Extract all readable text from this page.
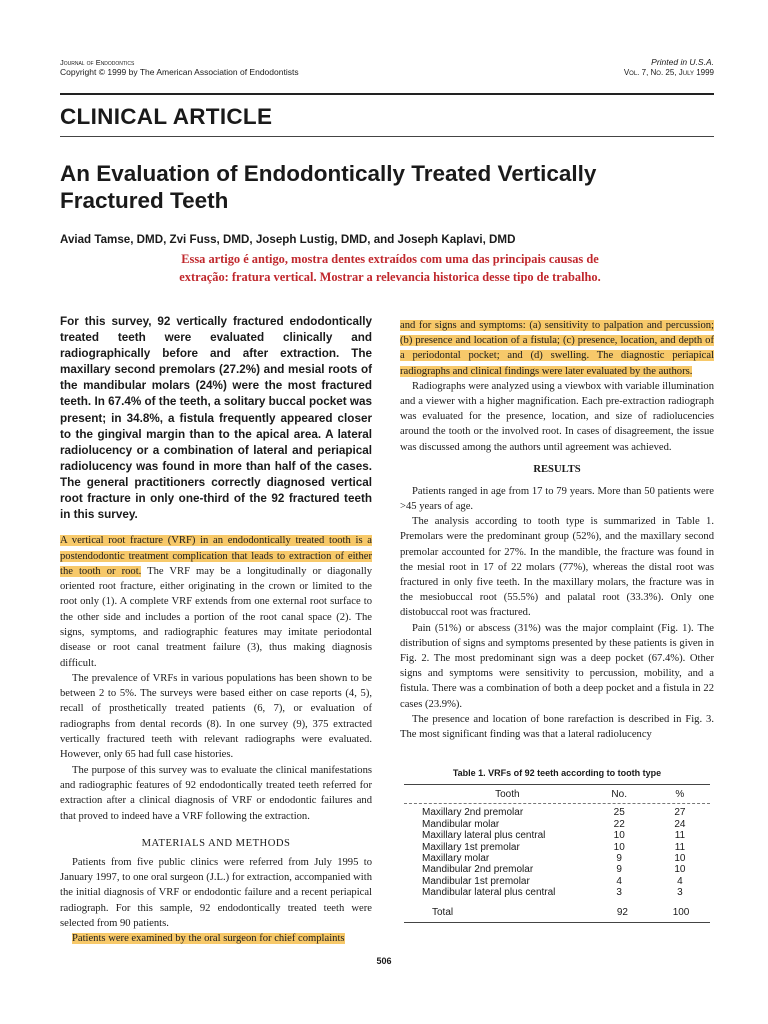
Journal of Endodontics
Copyright © 1999 by The American Association of Endodontists
Printed in U.S.A.
Vol. 7, No. 25, July 1999
CLINICAL ARTICLE
An Evaluation of Endodontically Treated Vertically
Fractured Teeth
Aviad Tamse, DMD, Zvi Fuss, DMD, Joseph Lustig, DMD, and Joseph Kaplavi, DMD
Essa artigo é antigo, mostra dentes extraídos com uma das principais causas de
extração: fratura vertical. Mostrar a relevancia historica desse tipo de trabalho.

For this survey, 92 vertically fractured endodontically treated teeth were evaluated clinically and radiographically before and after extraction. The maxillary second premolars (27.2%) and mesial roots of the mandibular molars (24%) were the most fractured teeth. In 67.4% of the teeth, a solitary buccal pocket was present; in 34.8%, a fistula frequently appeared closer to the gingival margin than to the apical area. A lateral radiolucency or a combination of lateral and periapical radiolucency was found in more than half of the cases. The general practitioners correctly diagnosed vertical root fracture in only one-third of the 92 fractured teeth in this survey.

A vertical root fracture (VRF) in an endodontically treated tooth is a postendodontic treatment complication that leads to extraction of either the tooth or root. The VRF may be a longitudinally or diagonally oriented root fracture, either originating in the crown or limited to the root only (1). A complete VRF extends from one external root surface to the other side and includes a portion of the root canal space (2). The signs, symptoms, and radiographic features may imitate periodontal disease or root canal treatment failure (3), thus making diagnosis difficult.

The prevalence of VRFs in various populations has been shown to be between 2 to 5%. The surveys were based either on case reports (4, 5), recall of prosthetically treated patients (6, 7), or evaluation of radiographs from dental records (8). In one survey (9), 375 extracted vertically fractured teeth with relevant radiographs were evaluated. However, only 65 had full case histories.

The purpose of this survey was to evaluate the clinical manifestations and radiographic features of 92 endodontically treated teeth referred for extraction after a clinical diagnosis of VRF or endodontic failures and that proved to indeed have a VRF following the extraction.

MATERIALS AND METHODS

Patients from five public clinics were referred from July 1995 to January 1997, to one oral surgeon (J.L.) for extraction, accompanied with the initial diagnosis of VRF or endodontic failure and a recent periapical radiograph. For this sample, 92 endodontically treated teeth were selected from 90 patients.

Patients were examined by the oral surgeon for chief complaints

and for signs and symptoms: (a) sensitivity to palpation and percussion; (b) presence and location of a fistula; (c) presence, location, and depth of a periodontal pocket; and (d) swelling. The diagnostic periapical radiographs and clinical findings were later evaluated by the authors.

Radiographs were analyzed using a viewbox with variable illumination and a viewer with a higher magnification. Each pre-extraction radiograph was evaluated for the presence, location, and size of radiolucencies around the tooth or the involved root. In cases of disagreement, the issue was discussed among the authors until agreement was achieved.

RESULTS

Patients ranged in age from 17 to 79 years. More than 50 patients were >45 years of age.

The analysis according to tooth type is summarized in Table 1. Premolars were the predominant group (52%), and the maxillary second premolar accounted for 27%. In the mandible, the fracture was found in the mesial root in 17 of 22 molars (77%), whereas the distal root was fractured in only five teeth. In the maxillary molars, the fracture was in the mesiobuccal root (55.5%) and palatal root (33.3%). Only one distobuccal root was fractured.

Pain (51%) or abscess (31%) was the major complaint (Fig. 1). The distribution of signs and symptoms presented by these patients is given in Fig. 2. The most predominant sign was a deep pocket (67.4%). Other signs and symptoms were sensitivity to percussion, mobility, and a fistula. There was a combination of both a deep pocket and a fistula in 22 cases (23.9%).

The presence and location of bone rarefaction is described in Fig. 3. The most significant finding was that a lateral radiolucency

Table 1. VRFs of 92 teeth according to tooth type
Tooth	No.	%
Maxillary 2nd premolar	25	27
Mandibular molar	22	24
Maxillary lateral plus central	10	11
Maxillary 1st premolar	10	11
Maxillary molar	9	10
Mandibular 2nd premolar	9	10
Mandibular 1st premolar	4	4
Mandibular lateral plus central	3	3
Total	92	100
506
